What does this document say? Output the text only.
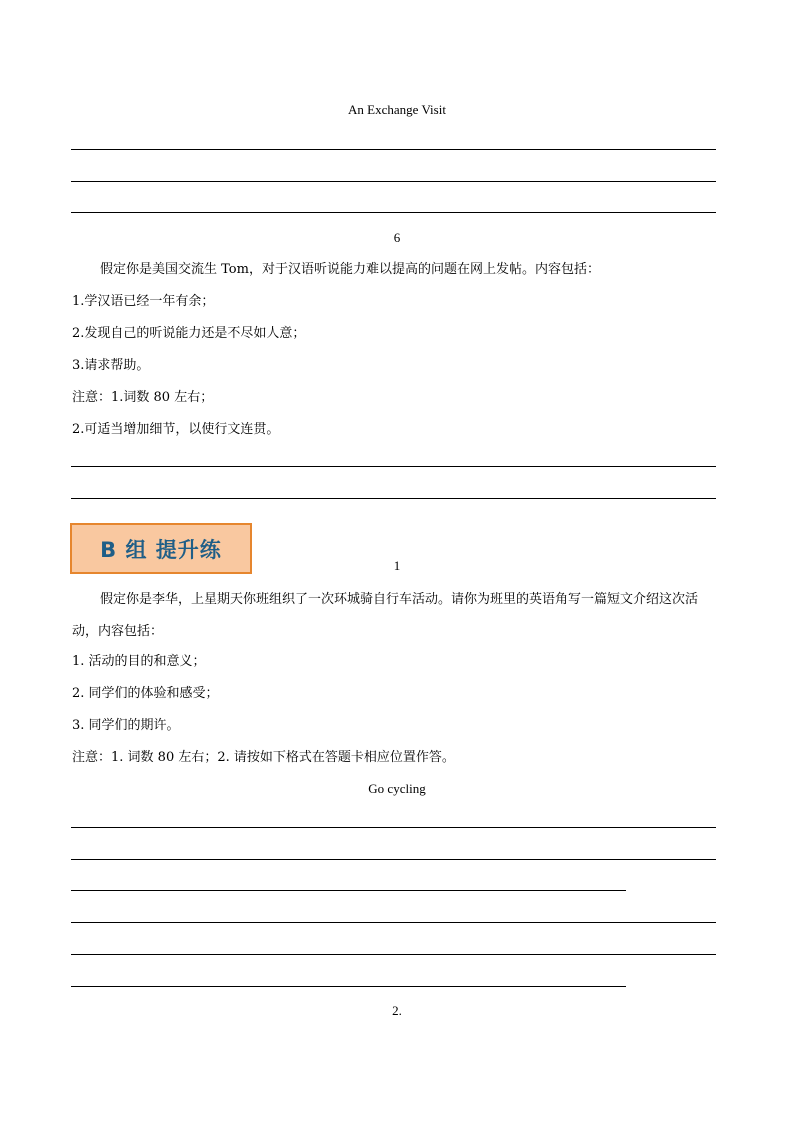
An Exchange Visit
6
假定你是美国交流生 Tom，对于汉语听说能力难以提高的问题在网上发帖。内容包括：
1.学汉语已经一年有余；
2.发现自己的听说能力还是不尽如人意；
3.请求帮助。
注意：1.词数 80 左右；
2.可适当增加细节，以使行文连贯。
B 组 提升练
1
假定你是李华，上星期天你班组织了一次环城骑自行车活动。请你为班里的英语角写一篇短文介绍这次活动，内容包括：
1. 活动的目的和意义；
2. 同学们的体验和感受；
3. 同学们的期许。
注意：1. 词数 80 左右；2. 请按如下格式在答题卡相应位置作答。
Go cycling
2.
